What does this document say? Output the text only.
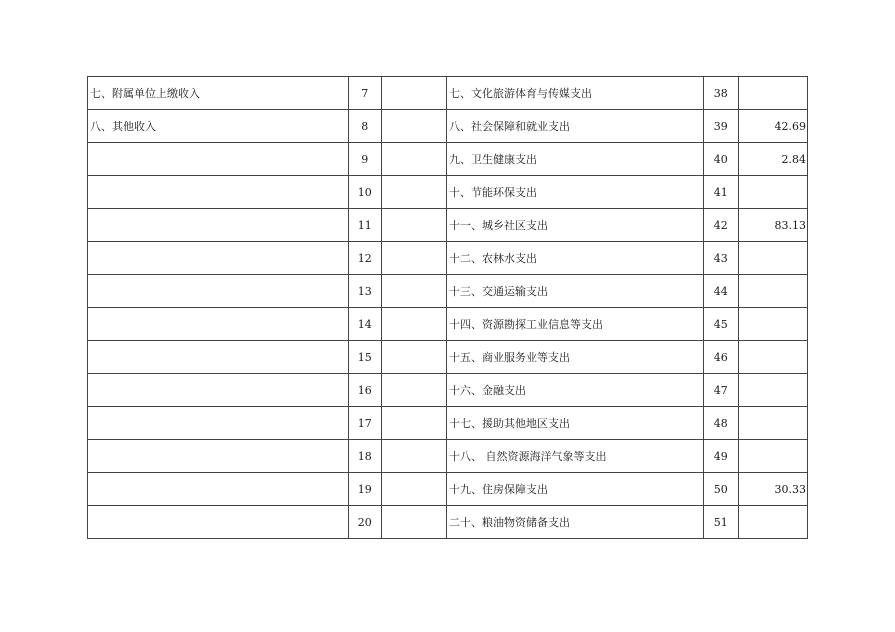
七、附属单位上缴收入	7		七、文化旅游体育与传媒支出	38	
八、其他收入	8		八、社会保障和就业支出	39	42.69
	9		九、卫生健康支出	40	2.84
	10		十、节能环保支出	41	
	11		十一、城乡社区支出	42	83.13
	12		十二、农林水支出	43	
	13		十三、交通运输支出	44	
	14		十四、资源勘探工业信息等支出	45	
	15		十五、商业服务业等支出	46	
	16		十六、金融支出	47	
	17		十七、援助其他地区支出	48	
	18		十八、 自然资源海洋气象等支出	49	
	19		十九、住房保障支出	50	30.33
	20		二十、粮油物资储备支出	51	
